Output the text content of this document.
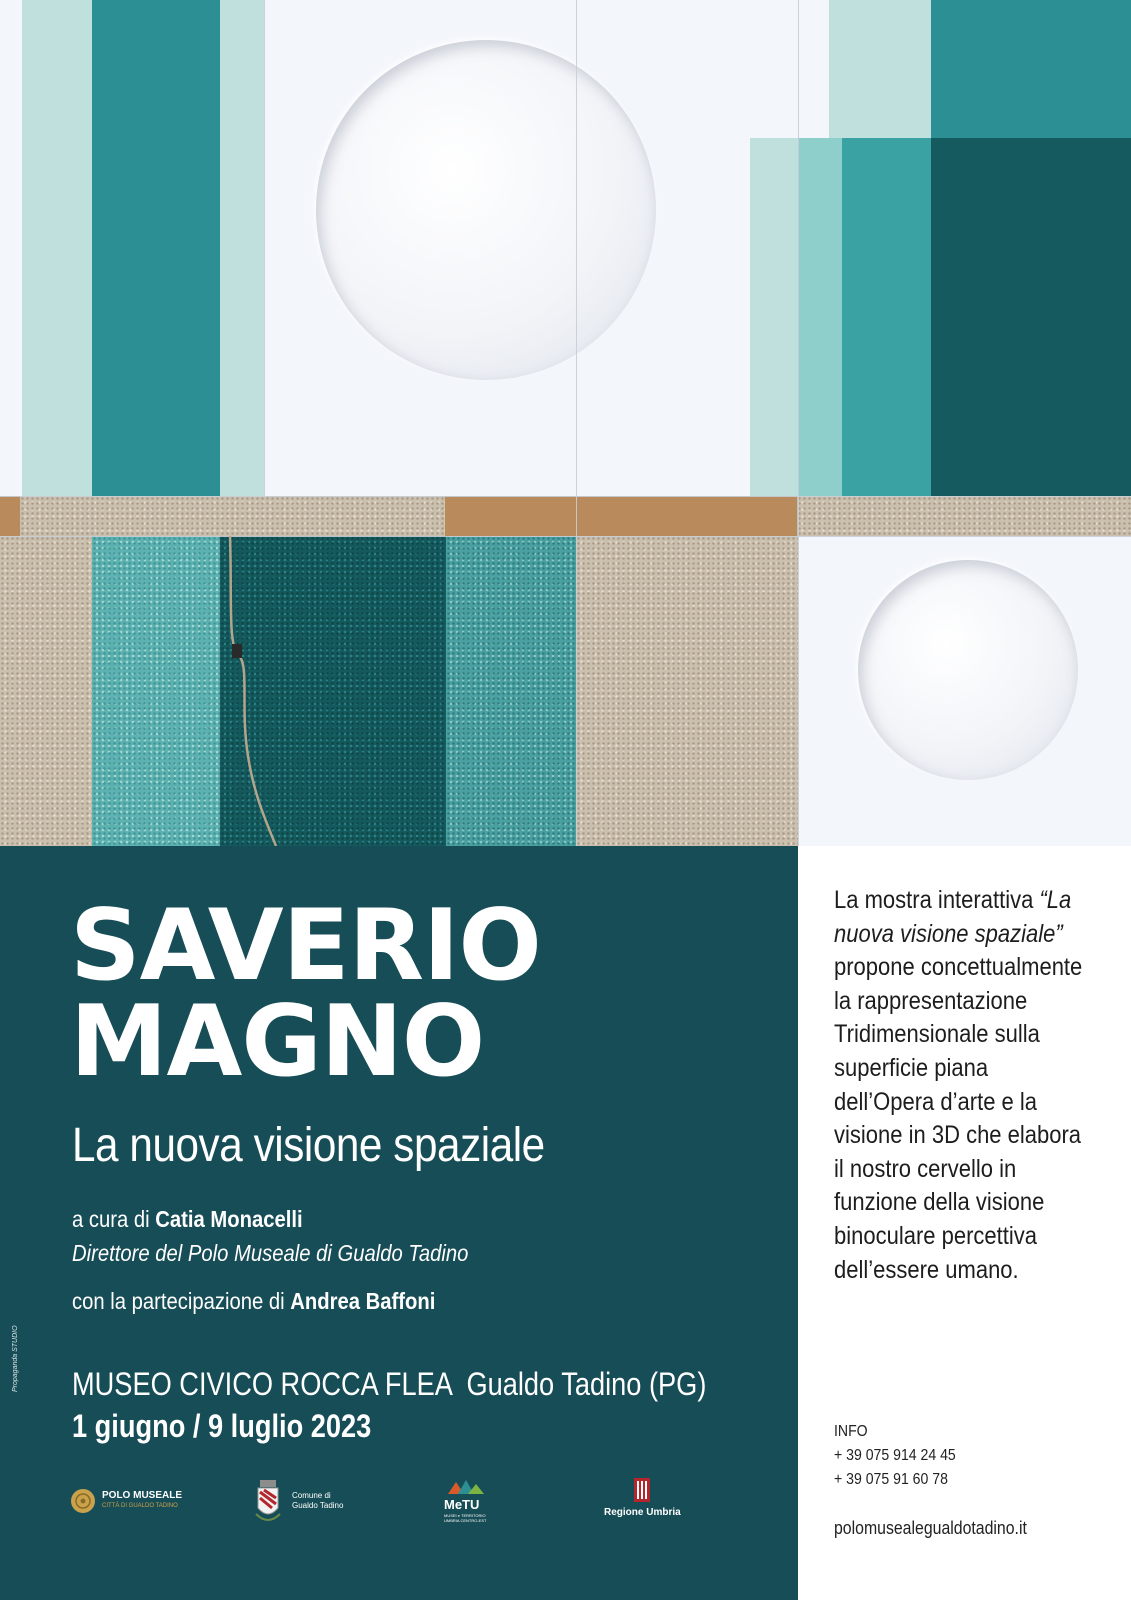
SAVERIO
MAGNO
La nuova visione spaziale
a cura di Catia Monacelli
Direttore del Polo Museale di Gualdo Tadino
con la partecipazione di Andrea Baffoni
MUSEO CIVICO ROCCA FLEA  Gualdo Tadino (PG)
1 giugno / 9 luglio 2023
Propaganda STUDIO
POLO MUSEALE
CITTÀ DI GUALDO TADINO
Comune di
Gualdo Tadino	MeTU
MUSEI e TERRITORIO UMBRIA CENTRO-EST
Regione Umbria
La mostra interattiva “La nuova visione spaziale” propone concettualmente la rappresentazione Tridimensionale sulla superficie piana dell’Opera d’arte e la visione in 3D che elabora il nostro cervello in funzione della visione binoculare percettiva dell’essere umano.
INFO
+ 39 075 914 24 45
+ 39 075 91 60 78
polomusealegualdotadino.it
